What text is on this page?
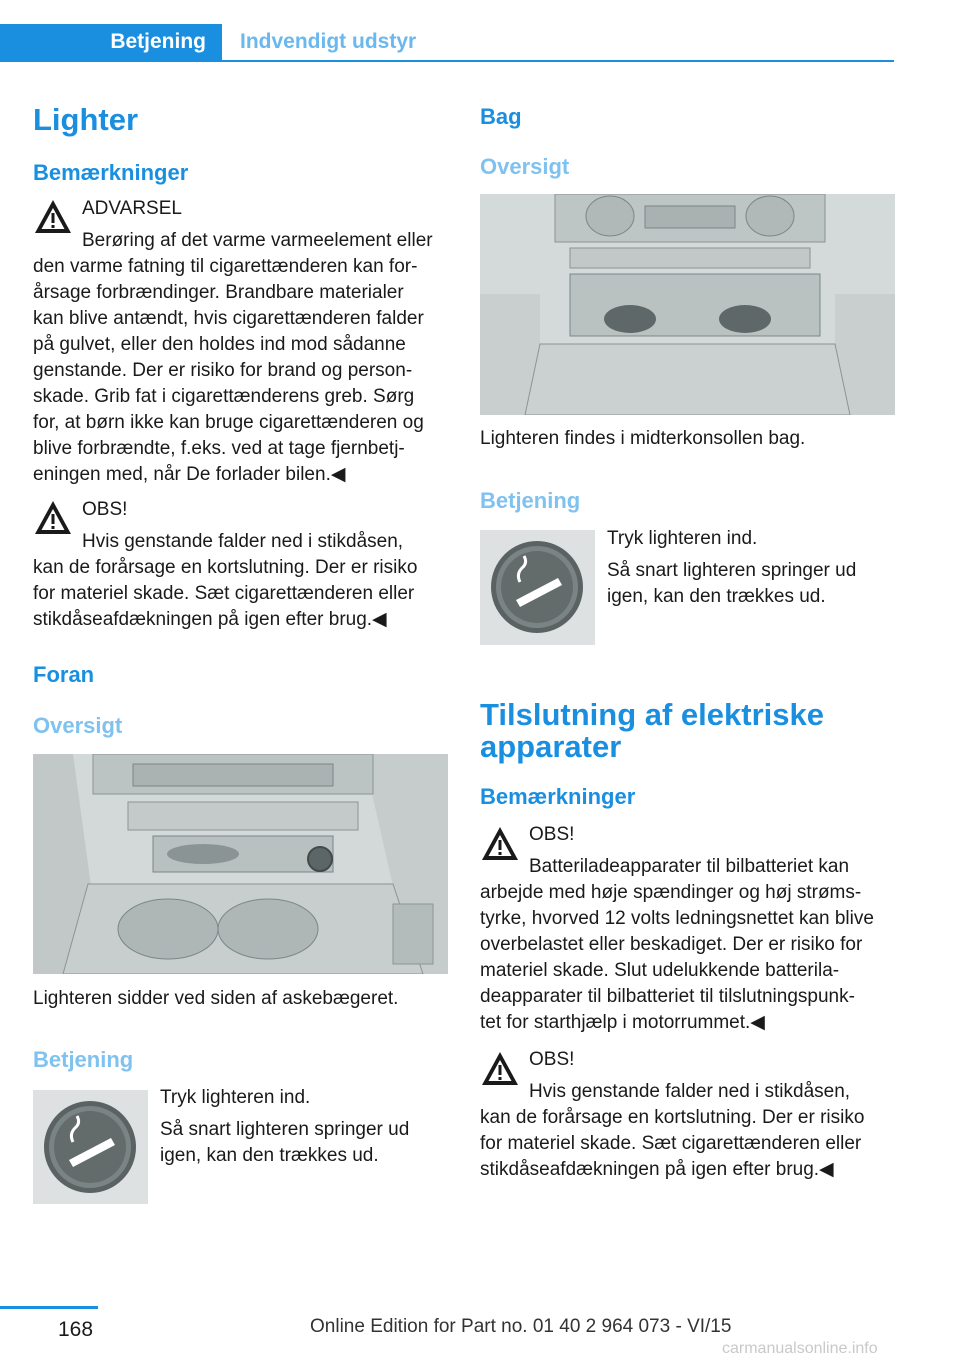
Betjening Indvendigt udstyr
Lighter
Bemærkninger
ADVARSEL
Berøring af det varme varmeelement eller
den varme fatning til cigarettænderen kan for-
årsage forbrændinger. Brandbare materialer
kan blive antændt, hvis cigarettænderen falder
på gulvet, eller den holdes ind mod sådanne
genstande. Der er risiko for brand og person-
skade. Grib fat i cigarettænderens greb. Sørg
for, at børn ikke kan bruge cigarettænderen og
blive forbrændte, f.eks. ved at tage fjernbetj-
eningen med, når De forlader bilen.◀
OBS!
Hvis genstande falder ned i stikdåsen,
kan de forårsage en kortslutning. Der er risiko
for materiel skade. Sæt cigarettænderen eller
stikdåseafdækningen på igen efter brug.◀
Foran
Oversigt
Lighteren sidder ved siden af askebægeret.
Betjening
Tryk lighteren ind.
Så snart lighteren springer ud
igen, kan den trækkes ud.
Bag
Oversigt
Lighteren findes i midterkonsollen bag.
Betjening
Tryk lighteren ind.
Så snart lighteren springer ud
igen, kan den trækkes ud.
Tilslutning af elektriske
apparater
Bemærkninger
OBS!
Batteriladeapparater til bilbatteriet kan
arbejde med høje spændinger og høj strøms-
tyrke, hvorved 12 volts ledningsnettet kan blive
overbelastet eller beskadiget. Der er risiko for
materiel skade. Slut udelukkende batterila-
deapparater til bilbatteriet til tilslutningspunk-
tet for starthjælp i motorrummet.◀
OBS!
Hvis genstande falder ned i stikdåsen,
kan de forårsage en kortslutning. Der er risiko
for materiel skade. Sæt cigarettænderen eller
stikdåseafdækningen på igen efter brug.◀
168	Online Edition for Part no. 01 40 2 964 073 - VI/15
carmanualsonline.info
